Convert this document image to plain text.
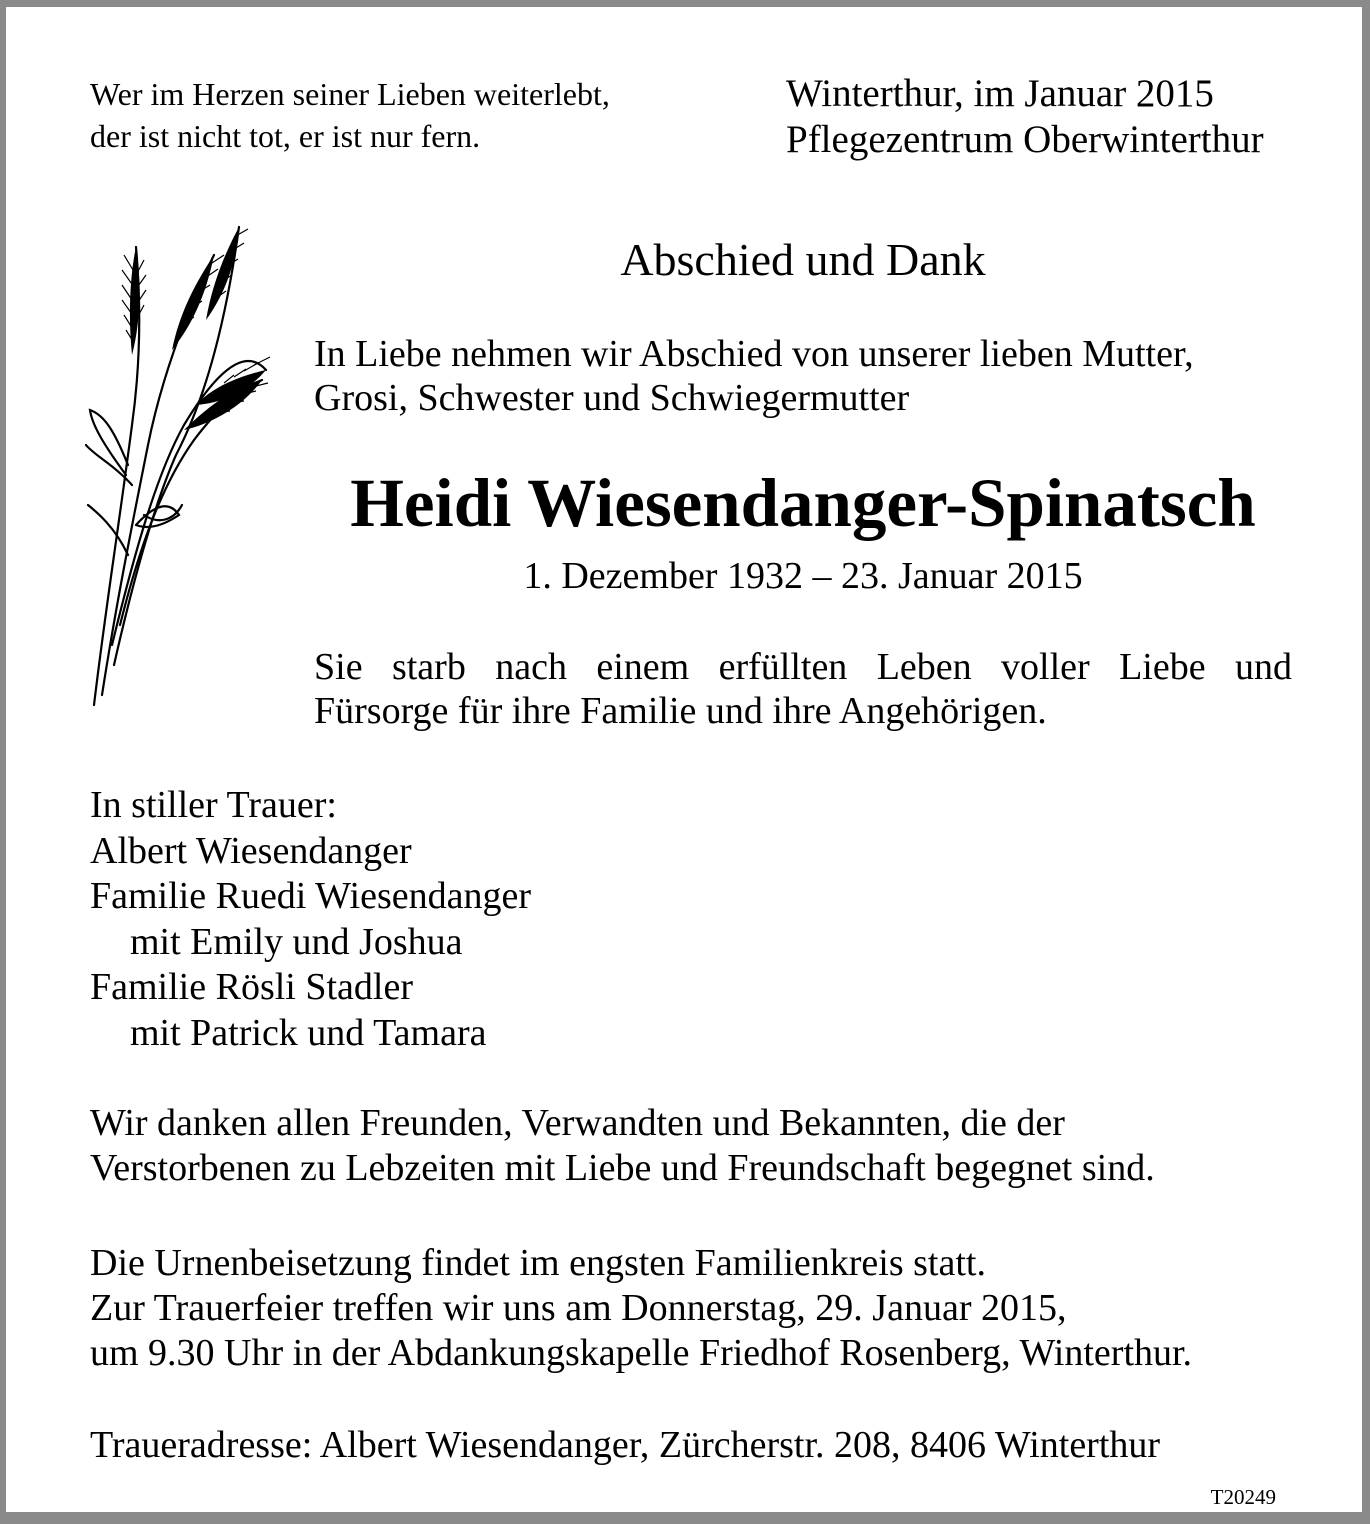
Wer im Herzen seiner Lieben weiterlebt,
der ist nicht tot, er ist nur fern.
Winterthur, im Januar 2015
Pflegezentrum Oberwinterthur
Abschied und Dank
In Liebe nehmen wir Abschied von unserer lieben Mutter,
Grosi, Schwester und Schwiegermutter
Heidi Wiesendanger-Spinatsch
1. Dezember 1932 – 23. Januar 2015
Sie starb nach einem erfüllten Leben voller Liebe und
Fürsorge für ihre Familie und ihre Angehörigen.
In stiller Trauer:
Albert Wiesendanger
Familie Ruedi Wiesendanger
mit Emily und Joshua
Familie Rösli Stadler
mit Patrick und Tamara
Wir danken allen Freunden, Verwandten und Bekannten, die der
Verstorbenen zu Lebzeiten mit Liebe und Freundschaft begegnet sind.
Die Urnenbeisetzung findet im engsten Familienkreis statt.
Zur Trauerfeier treffen wir uns am Donnerstag, 29. Januar 2015,
um 9.30 Uhr in der Abdankungskapelle Friedhof Rosenberg, Winterthur.
Traueradresse: Albert Wiesendanger, Zürcherstr. 208, 8406 Winterthur
T20249
